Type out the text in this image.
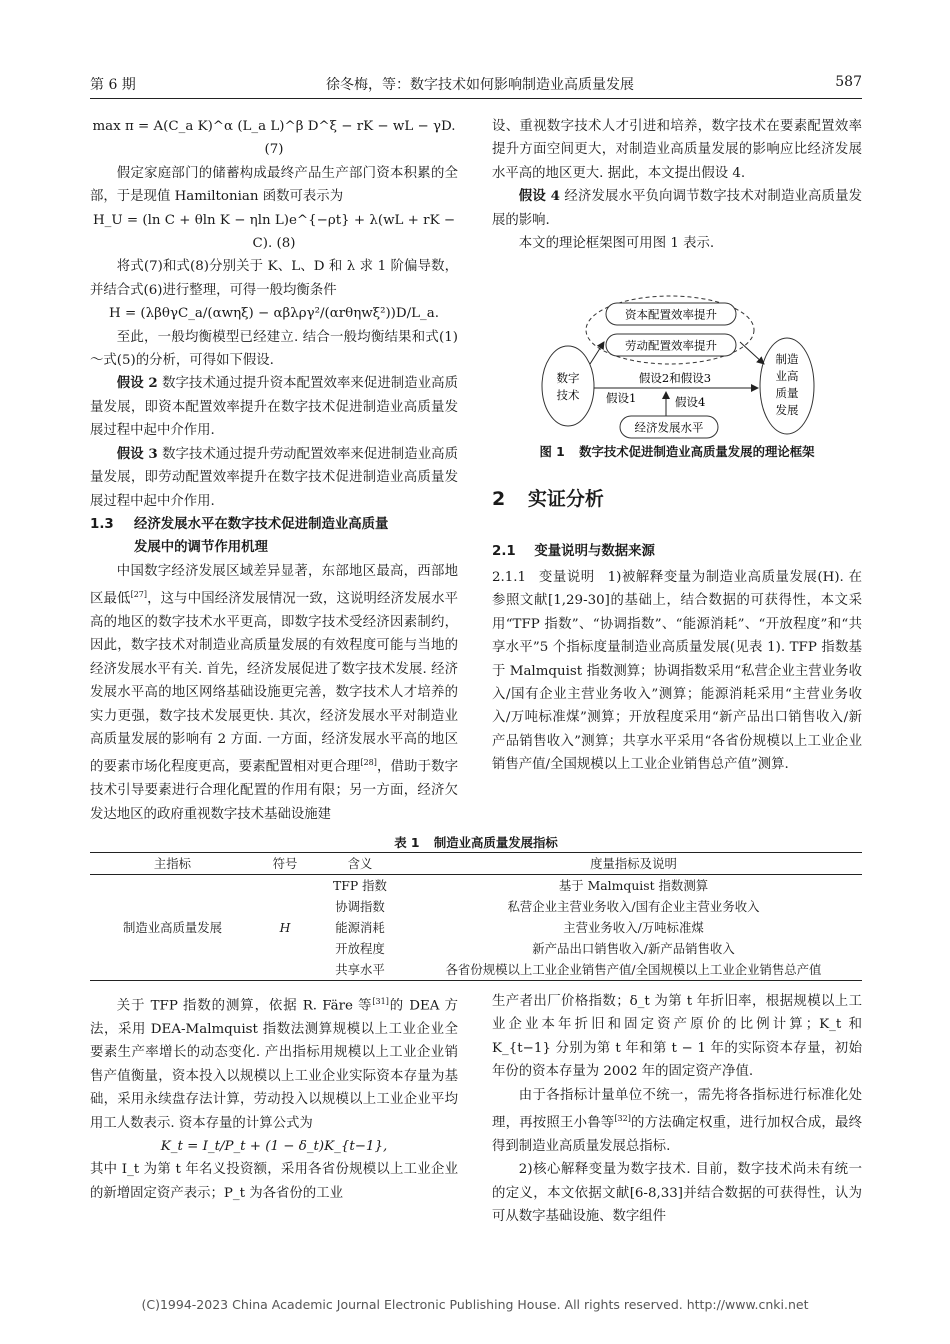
第 6 期	徐冬梅，等：数字技术如何影响制造业高质量发展	587

max π = A(C_a K)^α (L_a L)^β D^ξ − rK − wL − γD. (7)

假定家庭部门的储蓄构成最终产品生产部门资本积累的全部，于是现值 Hamiltonian 函数可表示为

H_U = (ln C + θln K − ηln L)e^{−ρt} + λ(wL + rK − C). (8)

将式(7)和式(8)分别关于 K、L、D 和 λ 求 1 阶偏导数，并结合式(6)进行整理，可得一般均衡条件

H = (λβθγC_a/(αwηξ) − αβλργ²/(αrθηwξ²))D/L_a.

至此，一般均衡模型已经建立. 结合一般均衡结果和式(1)～式(5)的分析，可得如下假设.

假设 2 数字技术通过提升资本配置效率来促进制造业高质量发展，即资本配置效率提升在数字技术促进制造业高质量发展过程中起中介作用.

假设 3 数字技术通过提升劳动配置效率来促进制造业高质量发展，即劳动配置效率提升在数字技术促进制造业高质量发展过程中起中介作用.

1.3	经济发展水平在数字技术促进制造业高质量
发展中的调节作用机理

中国数字经济发展区域差异显著，东部地区最高，西部地区最低[27]，这与中国经济发展情况一致，这说明经济发展水平高的地区的数字技术水平更高，即数字技术受经济因素制约，因此，数字技术对制造业高质量发展的有效程度可能与当地的经济发展水平有关. 首先，经济发展促进了数字技术发展. 经济发展水平高的地区网络基础设施更完善，数字技术人才培养的实力更强，数字技术发展更快. 其次，经济发展水平对制造业高质量发展的影响有 2 方面. 一方面，经济发展水平高的地区的要素市场化程度更高，要素配置相对更合理[28]，借助于数字技术引导要素进行合理化配置的作用有限；另一方面，经济欠发达地区的政府重视数字技术基础设施建

设、重视数字技术人才引进和培养，数字技术在要素配置效率提升方面空间更大，对制造业高质量发展的影响应比经济发展水平高的地区更大. 据此，本文提出假设 4.

假设 4 经济发展水平负向调节数字技术对制造业高质量发展的影响.

本文的理论框架图可用图 1 表示.

资本配置效率提升
劳动配置效率提升
数字
技术
制造
业高
质量
发展
假设2和假设3
假设1	假设4
经济发展水平
图 1 数字技术促进制造业高质量发展的理论框架
2 实证分析
2.1 变量说明与数据来源

2.1.1 变量说明 1)被解释变量为制造业高质量发展(H). 在参照文献[1,29-30]的基础上，结合数据的可获得性，本文采用“TFP 指数”、“协调指数”、“能源消耗”、“开放程度”和“共享水平”5 个指标度量制造业高质量发展(见表 1). TFP 指数基于 Malmquist 指数测算；协调指数采用“私营企业主营业务收入/国有企业主营业务收入”测算；能源消耗采用“主营业务收入/万吨标准煤”测算；开放程度采用“新产品出口销售收入/新产品销售收入”测算；共享水平采用“各省份规模以上工业企业销售产值/全国规模以上工业企业销售总产值”测算.

表 1 制造业高质量发展指标
主指标	符号	含义	度量指标及说明
制造业高质量发展	H	TFP 指数	基于 Malmquist 指数测算
		协调指数	私营企业主营业务收入/国有企业主营业务收入
		能源消耗	主营业务收入/万吨标准煤
		开放程度	新产品出口销售收入/新产品销售收入
		共享水平	各省份规模以上工业企业销售产值/全国规模以上工业企业销售总产值

关于 TFP 指数的测算，依据 R. Färe 等[31]的 DEA 方法，采用 DEA-Malmquist 指数法测算规模以上工业企业全要素生产率增长的动态变化. 产出指标用规模以上工业企业销售产值衡量，资本投入以规模以上工业企业实际资本存量为基础，采用永续盘存法计算，劳动投入以规模以上工业企业平均用工人数表示. 资本存量的计算公式为

K_t = I_t/P_t + (1 − δ_t)K_{t−1},

其中 I_t 为第 t 年名义投资额，采用各省份规模以上工业企业的新增固定资产表示；P_t 为各省份的工业

生产者出厂价格指数；δ_t 为第 t 年折旧率，根据规模以上工业企业本年折旧和固定资产原价的比例计算；K_t 和 K_{t−1} 分别为第 t 年和第 t − 1 年的实际资本存量，初始年份的资本存量为 2002 年的固定资产净值.

由于各指标计量单位不统一，需先将各指标进行标准化处理，再按照王小鲁等[32]的方法确定权重，进行加权合成，最终得到制造业高质量发展总指标.

2)核心解释变量为数字技术. 目前，数字技术尚未有统一的定义，本文依据文献[6-8,33]并结合数据的可获得性，认为可从数字基础设施、数字组件

(C)1994-2023 China Academic Journal Electronic Publishing House. All rights reserved. http://www.cnki.net
